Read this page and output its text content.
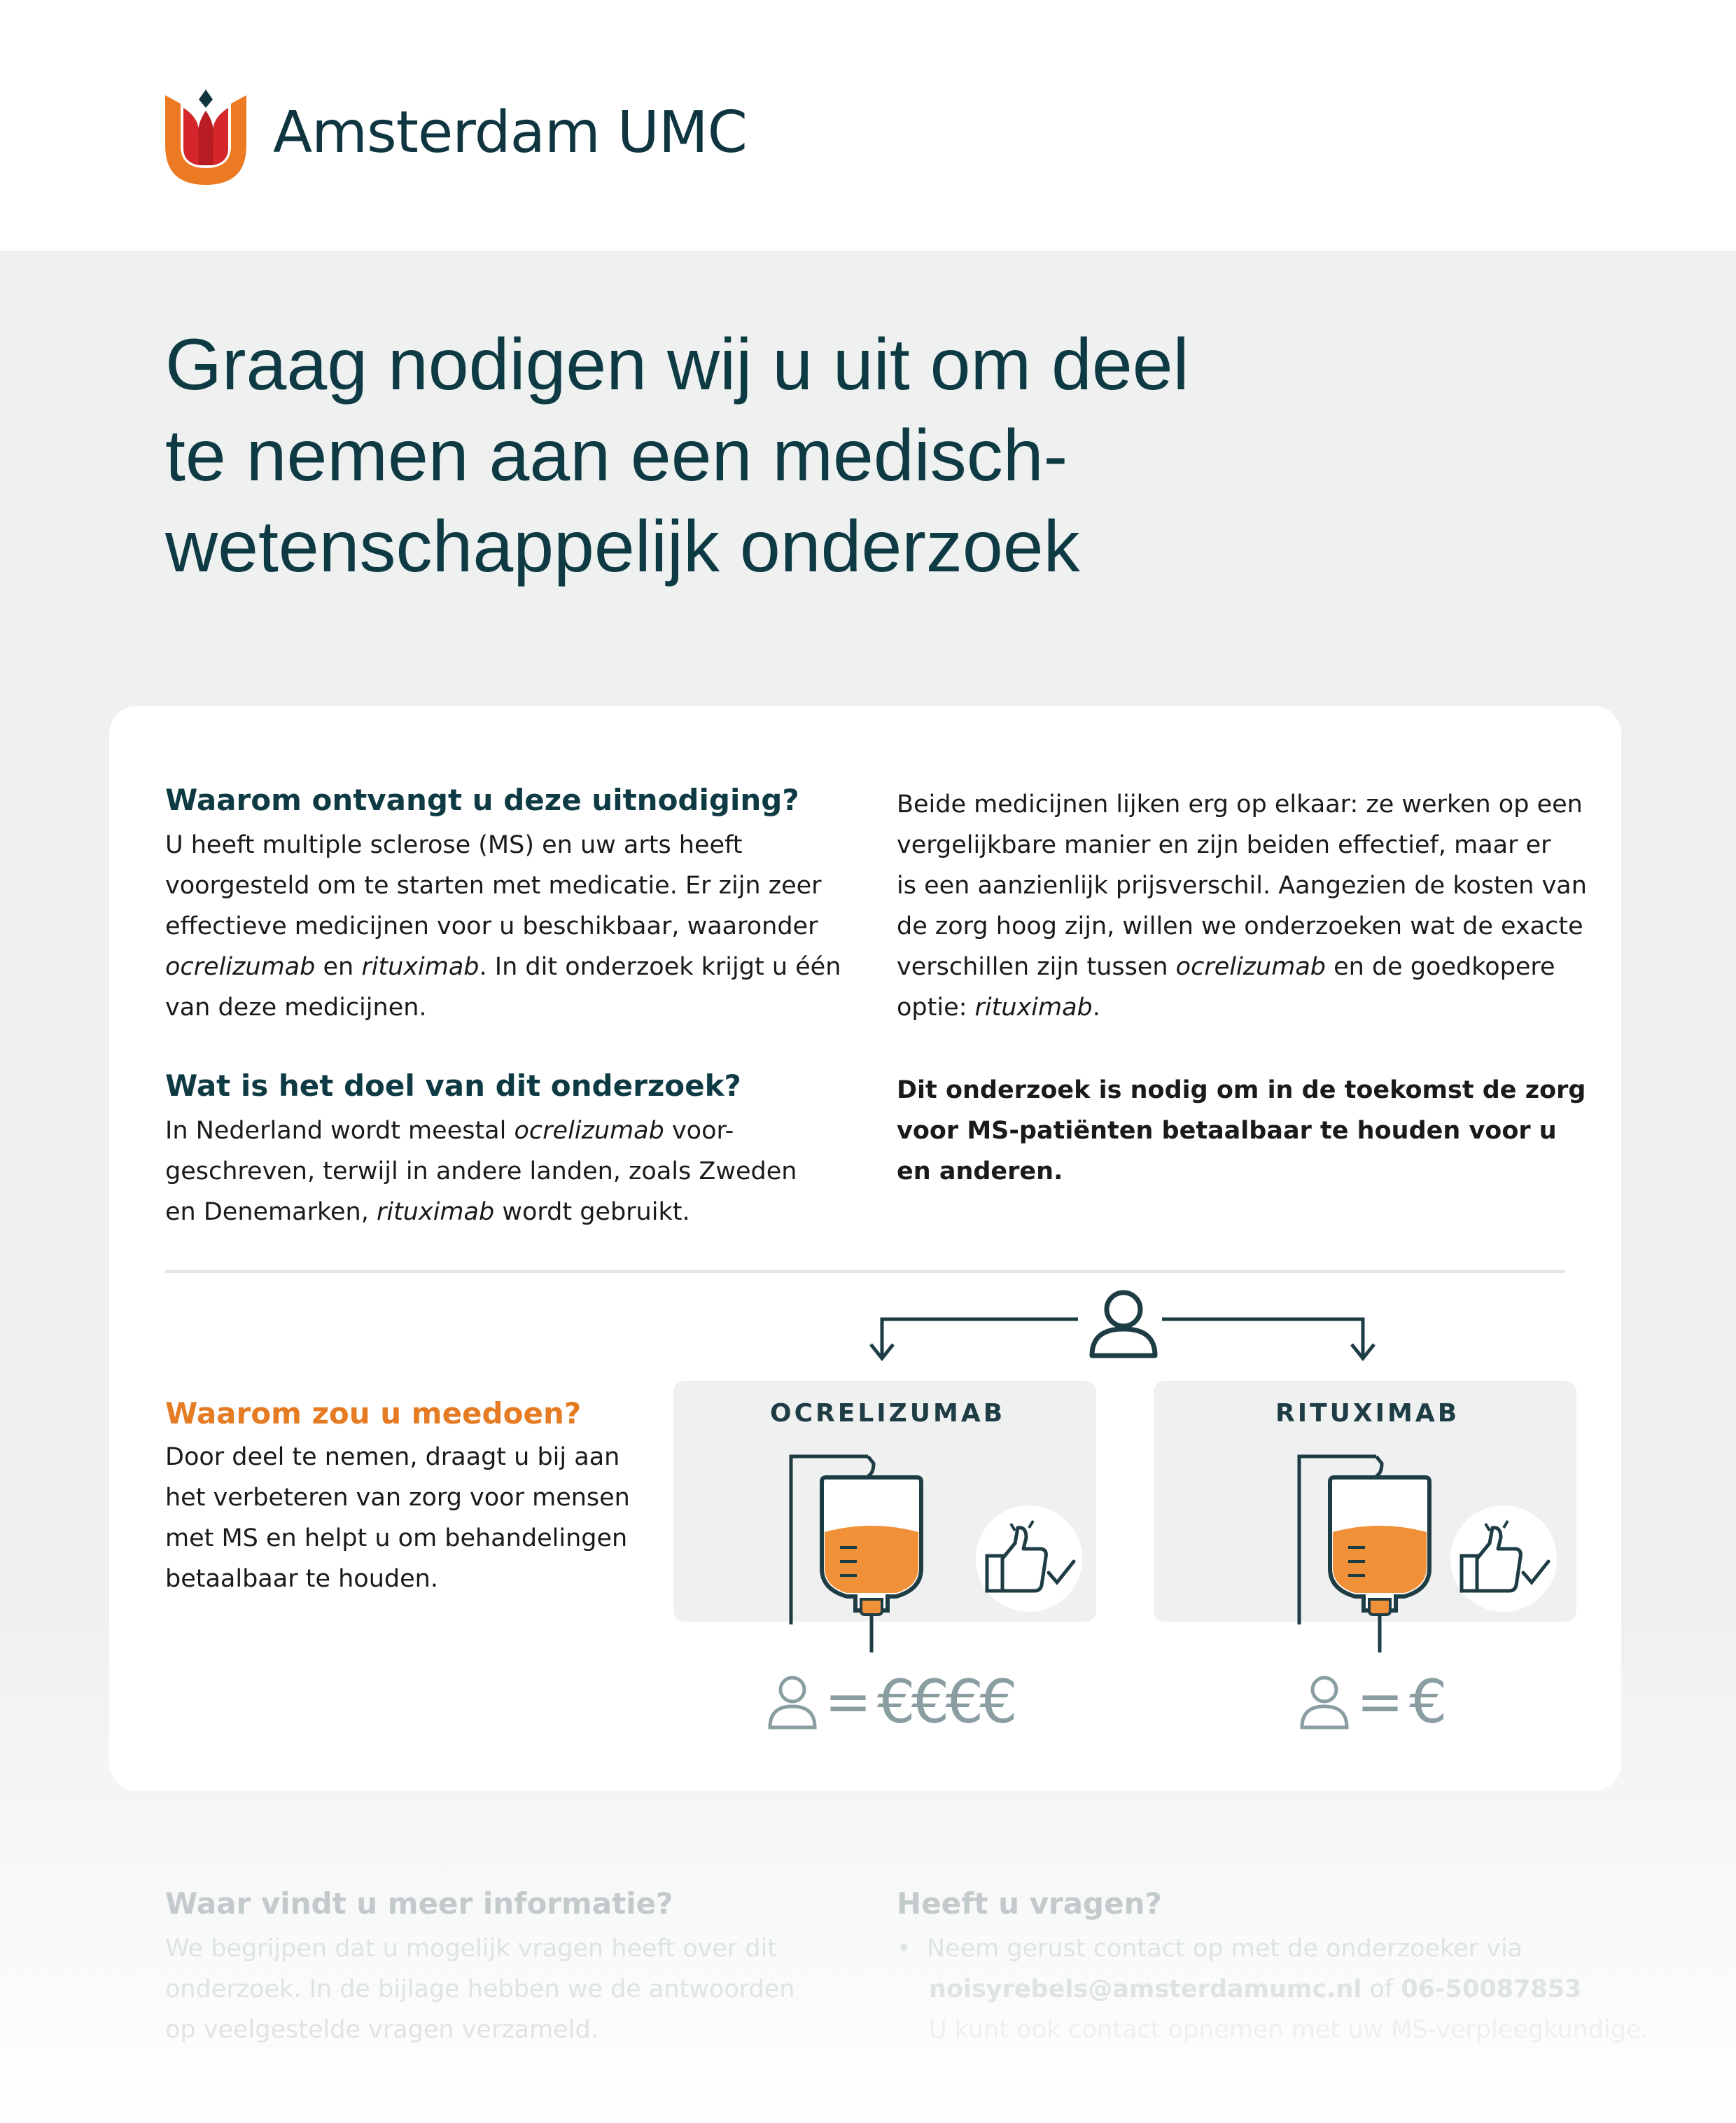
Amsterdam UMC
Graag nodigen wij u uit om deel
te nemen aan een medisch-
wetenschappelijk onderzoek
Waarom ontvangt u deze uitnodiging?
U heeft multiple sclerose (MS) en uw arts heeft
voorgesteld om te starten met medicatie. Er zijn zeer
effectieve medicijnen voor u beschikbaar, waaronder
ocrelizumab en rituximab. In dit onderzoek krijgt u één
van deze medicijnen.
Wat is het doel van dit onderzoek?
In Nederland wordt meestal ocrelizumab voor-
geschreven, terwijl in andere landen, zoals Zweden
en Denemarken, rituximab wordt gebruikt.
Beide medicijnen lijken erg op elkaar: ze werken op een
vergelijkbare manier en zijn beiden effectief, maar er
is een aanzienlijk prijsverschil. Aangezien de kosten van
de zorg hoog zijn, willen we onderzoeken wat de exacte
verschillen zijn tussen ocrelizumab en de goedkopere
optie: rituximab.
Dit onderzoek is nodig om in de toekomst de zorg
voor MS-patiënten betaalbaar te houden voor u
en anderen.
Waarom zou u meedoen?
Door deel te nemen, draagt u bij aan
het verbeteren van zorg voor mensen
met MS en helpt u om behandelingen
betaalbaar te houden.
OCRELIZUMAB	RITUXIMAB
= €€€€	= €
Waar vindt u meer informatie?
We begrijpen dat u mogelijk vragen heeft over dit
onderzoek. In de bijlage hebben we de antwoorden
op veelgestelde vragen verzameld.
Heeft u vragen?
•  Neem gerust contact op met de onderzoeker via
noisyrebels@amsterdamumc.nl of 06-50087853
U kunt ook contact opnemen met uw MS-verpleegkundige.
